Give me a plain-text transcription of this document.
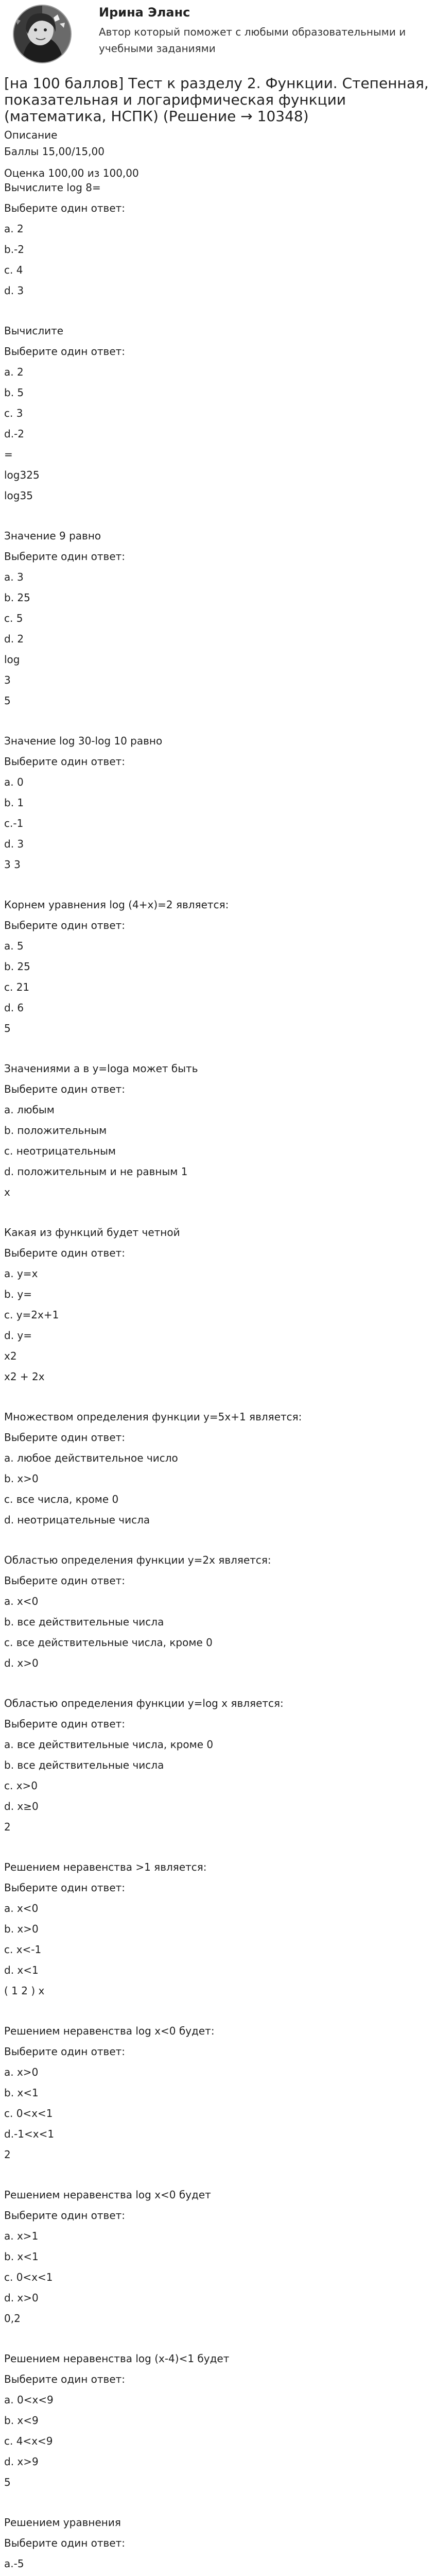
Ирина Эланс
Автор который поможет с любыми образовательными и учебными заданиями
[на 100 баллов] Тест к разделу 2. Функции. Степенная, показательная и логарифмическая функции (математика, НСПК) (Решение → 10348)
Описание
Баллы 15,00/15,00
Оценка 100,00 из 100,00
Вычислите log 8=
Выберите один ответ:
a. 2
b.-2
c. 4
d. 3
Вычислите
Выберите один ответ:
a. 2
b. 5
c. 3
d.-2
=
log325
log35
Значение 9 равно
Выберите один ответ:
a. 3
b. 25
c. 5
d. 2
log
3
5
Значение log 30-log 10 равно
Выберите один ответ:
a. 0
b. 1
c.-1
d. 3
3 3
Корнем уравнения log (4+x)=2 является:
Выберите один ответ:
a. 5
b. 25
c. 21
d. 6
5
Значениями a в y=loga может быть
Выберите один ответ:
a. любым
b. положительным
c. неотрицательным
d. положительным и не равным 1
x
Какая из функций будет четной
Выберите один ответ:
a. y=x
b. y=
c. y=2x+1
d. y=
x2
x2 + 2x
Множеством определения функции y=5x+1 является:
Выберите один ответ:
a. любое действительное число
b. x>0
c. все числа, кроме 0
d. неотрицательные числа
Областью определения функции y=2x является:
Выберите один ответ:
a. x<0
b. все действительные числа
c. все действительные числа, кроме 0
d. x>0
Областью определения функции y=log x является:
Выберите один ответ:
a. все действительные числа, кроме 0
b. все действительные числа
c. x>0
d. x≥0
2
Решением неравенства >1 является:
Выберите один ответ:
a. x<0
b. x>0
c. x<-1
d. x<1
( 1 2 ) x
Решением неравенства log x<0 будет:
Выберите один ответ:
a. x>0
b. x<1
c. 0<x<1
d.-1<x<1
2
Решением неравенства log x<0 будет
Выберите один ответ:
a. x>1
b. x<1
c. 0<x<1
d. x>0
0,2
Решением неравенства log (x-4)<1 будет
Выберите один ответ:
a. 0<x<9
b. x<9
c. 4<x<9
d. x>9
5
Решением уравнения
Выберите один ответ:
a.-5
